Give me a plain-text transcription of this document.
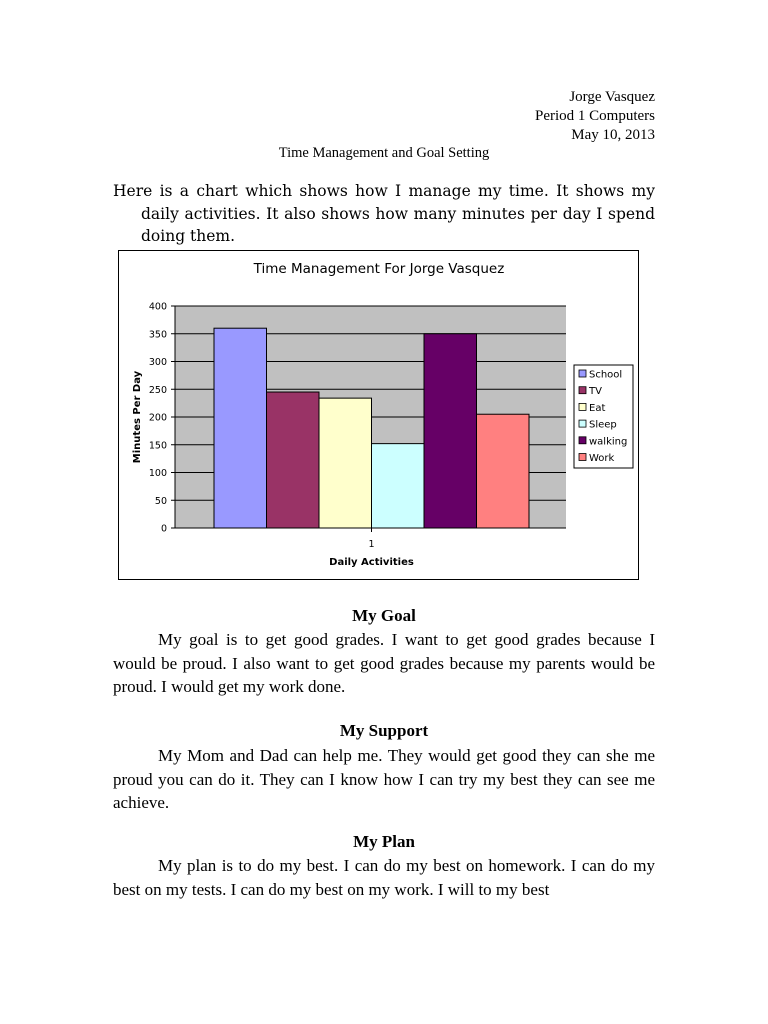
Jorge Vasquez
Period 1 Computers
May 10, 2013
Time Management and Goal Setting
Here is a chart which shows how I manage my time. It shows my daily activities. It also shows how many minutes per day I spend doing them.
Time Management For Jorge Vasquez
0
50
100
150
200
250
300
350
400
1
Daily Activities
Minutes Per Day	School
TV
Eat
Sleep
walking
Work
My Goal
My goal is to get good grades. I want to get good grades because I would be proud. I also want to get good grades because my parents would be proud. I would get my work done.
My Support
My Mom and Dad can help me. They would get good they can she me proud you can do it. They can I know how I can try my best they can see me achieve.
My Plan
My plan is to do my best. I can do my best on homework. I can do my best on my tests. I can do my best on my work. I will to my best
